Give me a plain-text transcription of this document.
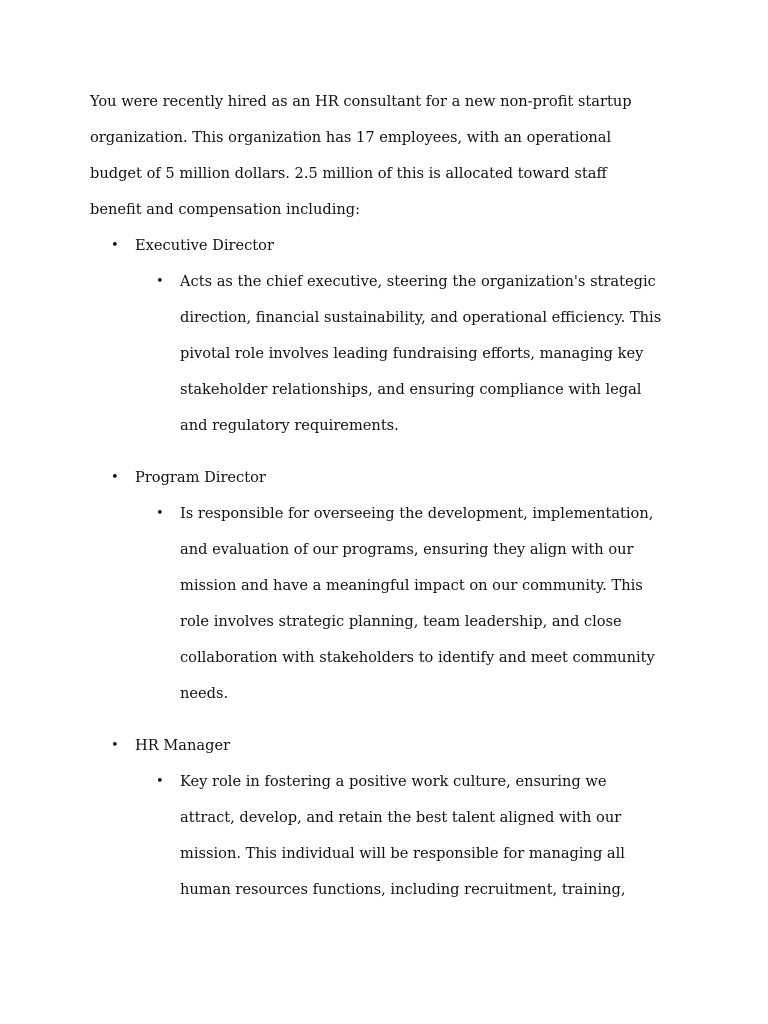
You were recently hired as an HR consultant for a new non-profit startup
organization. This organization has 17 employees, with an operational
budget of 5 million dollars. 2.5 million of this is allocated toward staff
benefit and compensation including:
• Executive Director
• Acts as the chief executive, steering the organization's strategic
direction, financial sustainability, and operational efficiency. This
pivotal role involves leading fundraising efforts, managing key
stakeholder relationships, and ensuring compliance with legal
and regulatory requirements.
• Program Director
• Is responsible for overseeing the development, implementation,
and evaluation of our programs, ensuring they align with our
mission and have a meaningful impact on our community. This
role involves strategic planning, team leadership, and close
collaboration with stakeholders to identify and meet community
needs.
• HR Manager
• Key role in fostering a positive work culture, ensuring we
attract, develop, and retain the best talent aligned with our
mission. This individual will be responsible for managing all
human resources functions, including recruitment, training,
